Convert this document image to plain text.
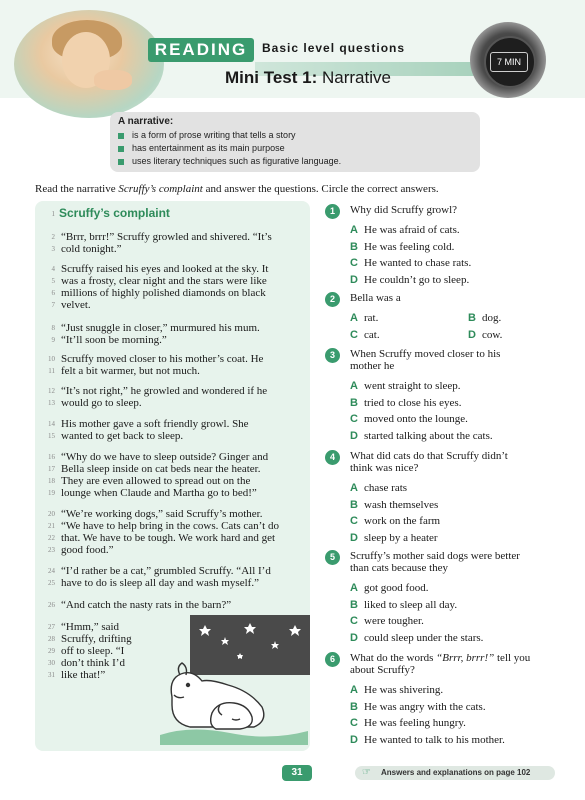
READING	Basic level questions
Mini Test 1: Narrative
7 MIN
A narrative:
is a form of prose writing that tells a story
has entertainment as its main purpose
uses literary techniques such as figurative language.
Read the narrative Scruffy’s complaint and answer the questions. Circle the correct answers.
Scruffy’s complaint
1
2 “Brrr, brrr!” Scruffy growled and shivered. “It’s
3 cold tonight.”
4 Scruffy raised his eyes and looked at the sky. It
5 was a frosty, clear night and the stars were like
6 millions of highly polished diamonds on black
7 velvet.
8 “Just snuggle in closer,” murmured his mum.
9 “It’ll soon be morning.”
10 Scruffy moved closer to his mother’s coat. He
11 felt a bit warmer, but not much.
12 “It’s not right,” he growled and wondered if he
13 would go to sleep.
14 His mother gave a soft friendly growl. She
15 wanted to get back to sleep.
16 “Why do we have to sleep outside? Ginger and
17 Bella sleep inside on cat beds near the heater.
18 They are even allowed to spread out on the
19 lounge when Claude and Martha go to bed!”
20 “We’re working dogs,” said Scruffy’s mother.
21 “We have to help bring in the cows. Cats can’t do
22 that. We have to be tough. We work hard and get
23 good food.”
24 “I’d rather be a cat,” grumbled Scruffy. “All I’d
25 have to do is sleep all day and wash myself.”
26 “And catch the nasty rats in the barn?”
27 “Hmm,” said
28 Scruffy, drifting
29 off to sleep. “I
30 don’t think I’d
31 like that!”
1	Why did Scruffy growl?
A He was afraid of cats.
B He was feeling cold.
C He wanted to chase rats.
D He couldn’t go to sleep.
2	Bella was a
A rat.	B dog.
C cat.	D cow.
3	When Scruffy moved closer to his
mother he
A went straight to sleep.
B tried to close his eyes.
C moved onto the lounge.
D started talking about the cats.
4	What did cats do that Scruffy didn’t
think was nice?
A chase rats
B wash themselves
C work on the farm
D sleep by a heater
5	Scruffy’s mother said dogs were better
than cats because they
A got good food.
B liked to sleep all day.
C were tougher.
D could sleep under the stars.
6	What do the words “Brrr, brrr!” tell you
about Scruffy?
A He was shivering.
B He was angry with the cats.
C He was feeling hungry.
D He wanted to talk to his mother.
31	☞ Answers and explanations on page 102
